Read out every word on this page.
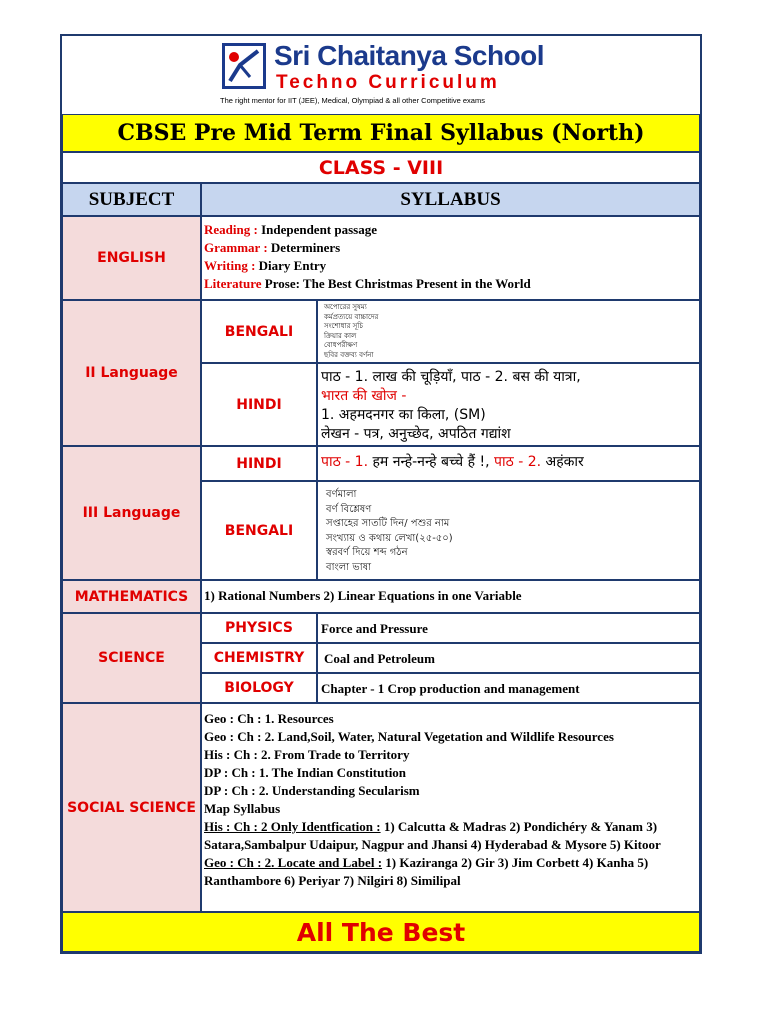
Sri Chaitanya School
Techno Curriculum
The right mentor for IIT (JEE), Medical, Olympiad & all other Competitive exams
CBSE Pre Mid Term Final Syllabus (North)
CLASS - VIII
SUBJECT	SYLLABUS
ENGLISH
Reading : Independent passage
Grammar : Determiners
Writing : Diary Entry
Literature Prose: The Best Christmas Present in the World
II Language
BENGALI
অপোরের সুষম্য
কর্মপ্রত্যয়ে বাচ্চাদের
সংশোধার সূচি
ক্রিয়ার কাল
বোধপরীক্ষণ
ছবির বক্তব্য বর্ণনা
HINDI
पाठ - 1. लाख की चूड़ियाँ, पाठ - 2. बस की यात्रा,
भारत की खोज -
1. अहमदनगर का किला, (SM)
लेखन - पत्र, अनुच्छेद, अपठित गद्यांश
III Language
HINDI	पाठ - 1. हम नन्हे-नन्हे बच्चे हैं !, पाठ - 2. अहंकार
BENGALI
বর্ণমালা
বর্ণ বিশ্লেষণ
সপ্তাহের সাতটি দিন/ পশুর নাম
সংখ্যায় ও কথায় লেখা(২৫-৫০)
স্বরবর্ণ দিয়ে শব্দ গঠন
বাংলা ভাষা
MATHEMATICS 1) Rational Numbers 2) Linear Equations in one Variable
SCIENCE
PHYSICS Force and Pressure
CHEMISTRY Coal and Petroleum
BIOLOGY Chapter - 1 Crop production and management
SOCIAL SCIENCE
Geo : Ch : 1. Resources
Geo : Ch : 2. Land,Soil, Water, Natural Vegetation and Wildlife Resources
His : Ch : 2. From Trade to Territory
DP : Ch : 1. The Indian Constitution
DP : Ch : 2. Understanding Secularism
Map Syllabus
His : Ch : 2 Only Identfication : 1) Calcutta & Madras 2) Pondichéry & Yanam 3) Satara,Sambalpur Udaipur, Nagpur and Jhansi 4) Hyderabad & Mysore 5) Kitoor
Geo : Ch : 2. Locate and Label : 1) Kaziranga 2) Gir 3) Jim Corbett 4) Kanha 5) Ranthambore 6) Periyar 7) Nilgiri 8) Similipal
All The Best
